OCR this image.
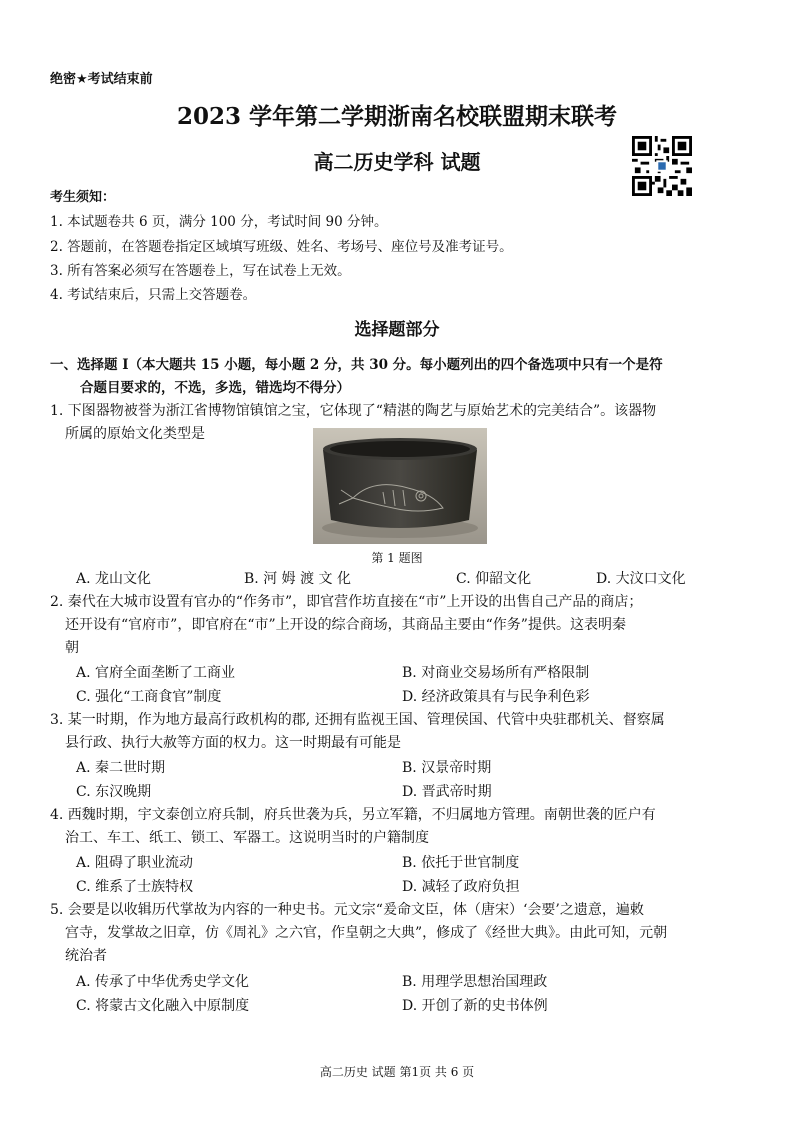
绝密★考试结束前
2023 学年第二学期浙南名校联盟期末联考
高二历史学科 试题
考生须知：
1. 本试题卷共 6 页，满分 100 分，考试时间 90 分钟。
2. 答题前，在答题卷指定区域填写班级、姓名、考场号、座位号及准考证号。
3. 所有答案必须写在答题卷上，写在试卷上无效。
4. 考试结束后，只需上交答题卷。
选择题部分
一、选择题 I（本大题共 15 小题，每小题 2 分，共 30 分。每小题列出的四个备选项中只有一个是符
合题目要求的，不选，多选，错选均不得分）
1. 下图器物被誉为浙江省博物馆镇馆之宝，它体现了“精湛的陶艺与原始艺术的完美结合”。该器物
所属的原始文化类型是
第 1 题图
A. 龙山文化	B. 河 姆 渡 文 化	C. 仰韶文化	D. 大汶口文化
2. 秦代在大城市设置有官办的“作务市”，即官营作坊直接在“市”上开设的出售自己产品的商店；
还开设有“官府市”，即官府在“市”上开设的综合商场，其商品主要由“作务”提供。这表明秦
朝
A. 官府全面垄断了工商业	B. 对商业交易场所有严格限制
C. 强化“工商食官”制度	D. 经济政策具有与民争利色彩
3. 某一时期，作为地方最高行政机构的郡, 还拥有监视王国、管理侯国、代管中央驻郡机关、督察属
县行政、执行大赦等方面的权力。这一时期最有可能是
A. 秦二世时期	B. 汉景帝时期
C. 东汉晚期	D. 晋武帝时期
4. 西魏时期，宇文泰创立府兵制，府兵世袭为兵，另立军籍，不归属地方管理。南朝世袭的匠户有
治工、车工、纸工、锁工、军器工。这说明当时的户籍制度
A. 阻碍了职业流动	B. 依托于世官制度
C. 维系了士族特权	D. 减轻了政府负担
5. 会要是以收辑历代掌故为内容的一种史书。元文宗“爰命文臣，体（唐宋）‘会要’之遗意，遍敕
宫寺，发掌故之旧章，仿《周礼》之六官，作皇朝之大典”，修成了《经世大典》。由此可知，元朝
统治者
A. 传承了中华优秀史学文化	B. 用理学思想治国理政
C. 将蒙古文化融入中原制度	D. 开创了新的史书体例
高二历史 试题 第1页 共 6 页
